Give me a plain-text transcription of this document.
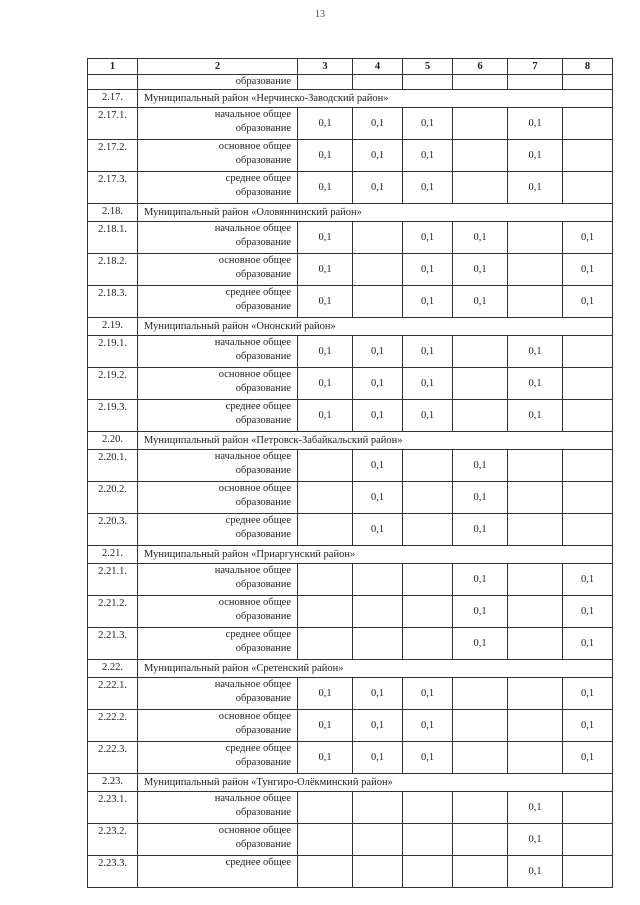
13
1	2	3	4	5	6	7	8

	образование						

2.17.	Муниципальный район «Нерчинско-Заводский район»						
2.17.1.	начальное общее
образование	0,1	0,1	0,1		0,1	
2.17.2.	основное общее
образование	0,1	0,1	0,1		0,1	
2.17.3.	среднее общее
образование	0,1	0,1	0,1		0,1	
2.18.	Муниципальный район «Оловяннинский район»						
2.18.1.	начальное общее
образование	0,1		0,1	0,1		0,1
2.18.2.	основное общее
образование	0,1		0,1	0,1		0,1
2.18.3.	среднее общее
образование	0,1		0,1	0,1		0,1
2.19.	Муниципальный район «Ононский район»						
2.19.1.	начальное общее
образование	0,1	0,1	0,1		0,1	
2.19.2.	основное общее
образование	0,1	0,1	0,1		0,1	
2.19.3.	среднее общее
образование	0,1	0,1	0,1		0,1	
2.20.	Муниципальный район «Петровск-Забайкальский район»						
2.20.1.	начальное общее
образование		0,1		0,1		
2.20.2.	основное общее
образование		0,1		0,1		
2.20.3.	среднее общее
образование		0,1		0,1		
2.21.	Муниципальный район «Приаргунский район»						
2.21.1.	начальное общее
образование				0,1		0,1
2.21.2.	основное общее
образование				0,1		0,1
2.21.3.	среднее общее
образование				0,1		0,1
2.22.	Муниципальный район «Сретенский район»						
2.22.1.	начальное общее
образование	0,1	0,1	0,1			0,1
2.22.2.	основное общее
образование	0,1	0,1	0,1			0,1
2.22.3.	среднее общее
образование	0,1	0,1	0,1			0,1
2.23.	Муниципальный район «Тунгиро-Олёкминский район»						
2.23.1.	начальное общее
образование					0,1	
2.23.2.	основное общее
образование					0,1	
2.23.3.	среднее общее					0,1	
